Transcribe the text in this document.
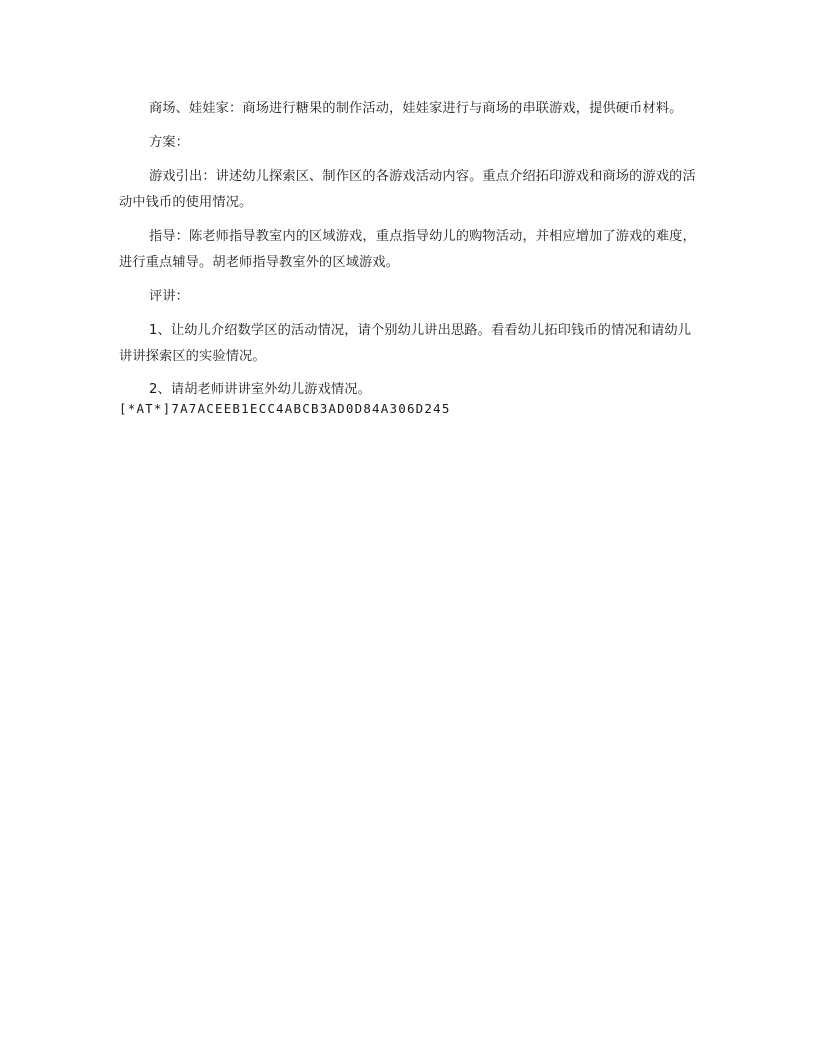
商场、娃娃家：商场进行糖果的制作活动，娃娃家进行与商场的串联游戏，提供硬币材料。

方案：

游戏引出：讲述幼儿探索区、制作区的各游戏活动内容。重点介绍拓印游戏和商场的游戏的活动中钱币的使用情况。

指导：陈老师指导教室内的区域游戏，重点指导幼儿的购物活动，并相应增加了游戏的难度，进行重点辅导。胡老师指导教室外的区域游戏。

评讲：

1、让幼儿介绍数学区的活动情况，请个别幼儿讲出思路。看看幼儿拓印钱币的情况和请幼儿讲讲探索区的实验情况。

2、请胡老师讲讲室外幼儿游戏情况。

[*AT*]7A7ACEEB1ECC4ABCB3AD0D84A306D245
